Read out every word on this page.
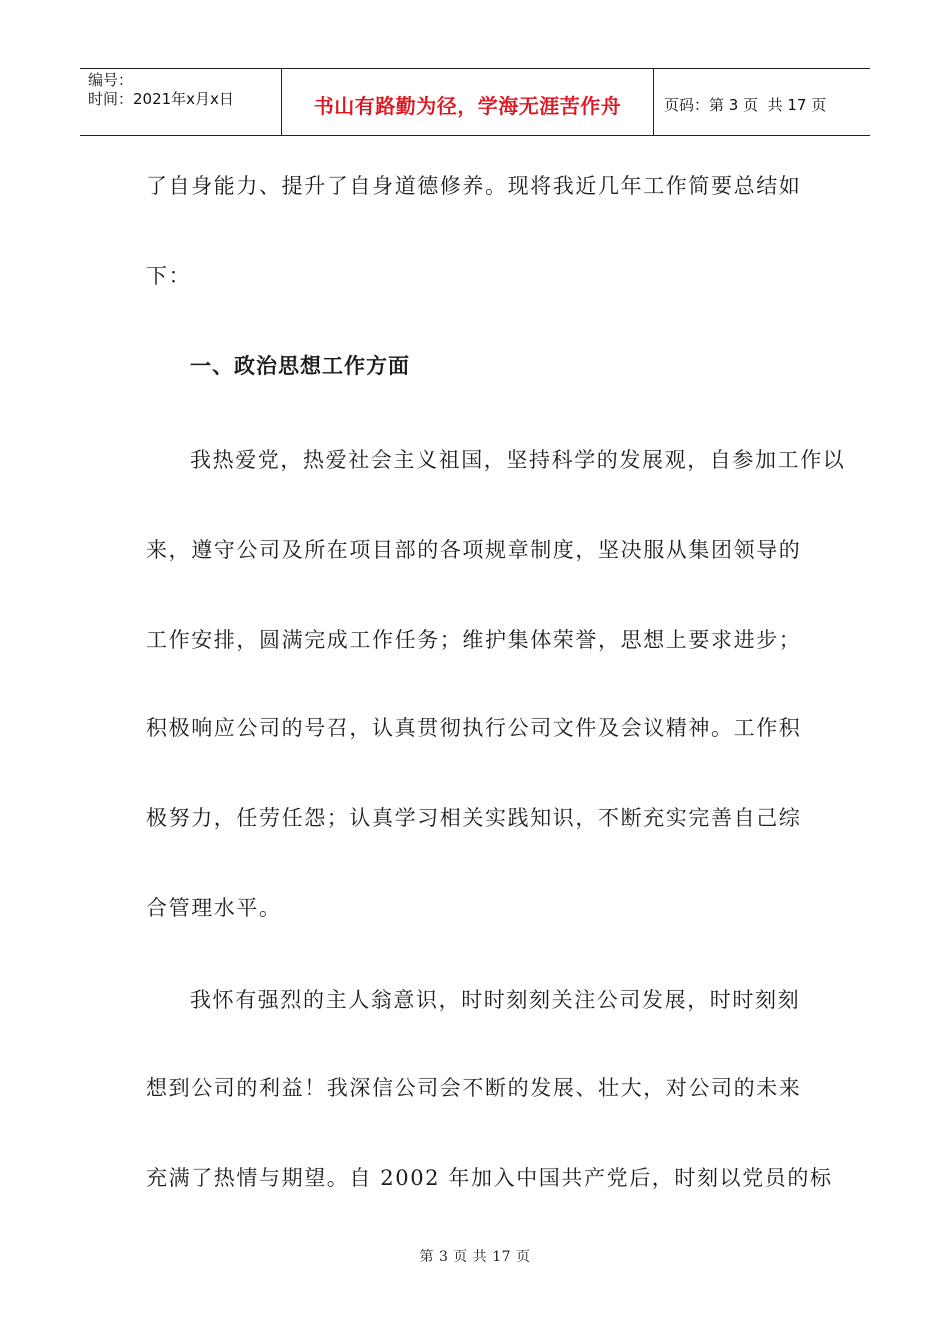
编号：
时间：2021年x月x日	书山有路勤为径，学海无涯苦作舟	页码：第 3 页  共 17 页
了自身能力、提升了自身道德修养。现将我近几年工作简要总结如
下：
一、政治思想工作方面
我热爱党，热爱社会主义祖国，坚持科学的发展观，自参加工作以
来，遵守公司及所在项目部的各项规章制度，坚决服从集团领导的
工作安排，圆满完成工作任务；维护集体荣誉，思想上要求进步；
积极响应公司的号召，认真贯彻执行公司文件及会议精神。工作积
极努力，任劳任怨；认真学习相关实践知识，不断充实完善自己综
合管理水平。
我怀有强烈的主人翁意识，时时刻刻关注公司发展，时时刻刻
想到公司的利益！我深信公司会不断的发展、壮大，对公司的未来
充满了热情与期望。自 2002 年加入中国共产党后，时刻以党员的标
第 3 页 共 17 页
